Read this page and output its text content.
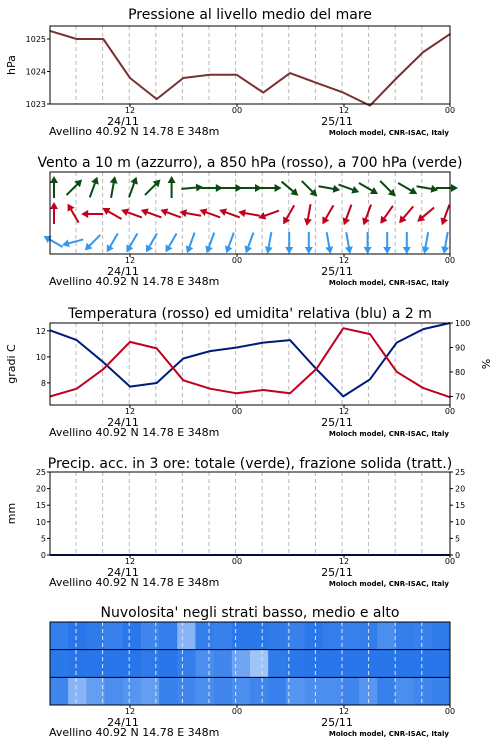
Pressione al livello medio del mare
1023
1024
1025
hPa
12	00	12	00
24/11	25/11
Avellino 40.92 N 14.78 E 348m	Moloch model, CNR-ISAC, Italy
Vento a 10 m (azzurro), a 850 hPa (rosso), a 700 hPa (verde)
12	00	12	00
24/11	25/11
Avellino 40.92 N 14.78 E 348m	Moloch model, CNR-ISAC, Italy
Temperatura (rosso) ed umidita' relativa (blu) a 2 m
8
10
12
gradi C
70
80
90
100
%
12	00	12	00
24/11	25/11
Avellino 40.92 N 14.78 E 348m	Moloch model, CNR-ISAC, Italy
Precip. acc. in 3 ore: totale (verde), frazione solida (tratt.)
0
5
10
15
20
25
mm
0
5
10
15
20
25
12	00	12	00
24/11	25/11
Avellino 40.92 N 14.78 E 348m	Moloch model, CNR-ISAC, Italy
Nuvolosita' negli strati basso, medio e alto
12	00	12	00
24/11	25/11
Avellino 40.92 N 14.78 E 348m	Moloch model, CNR-ISAC, Italy
